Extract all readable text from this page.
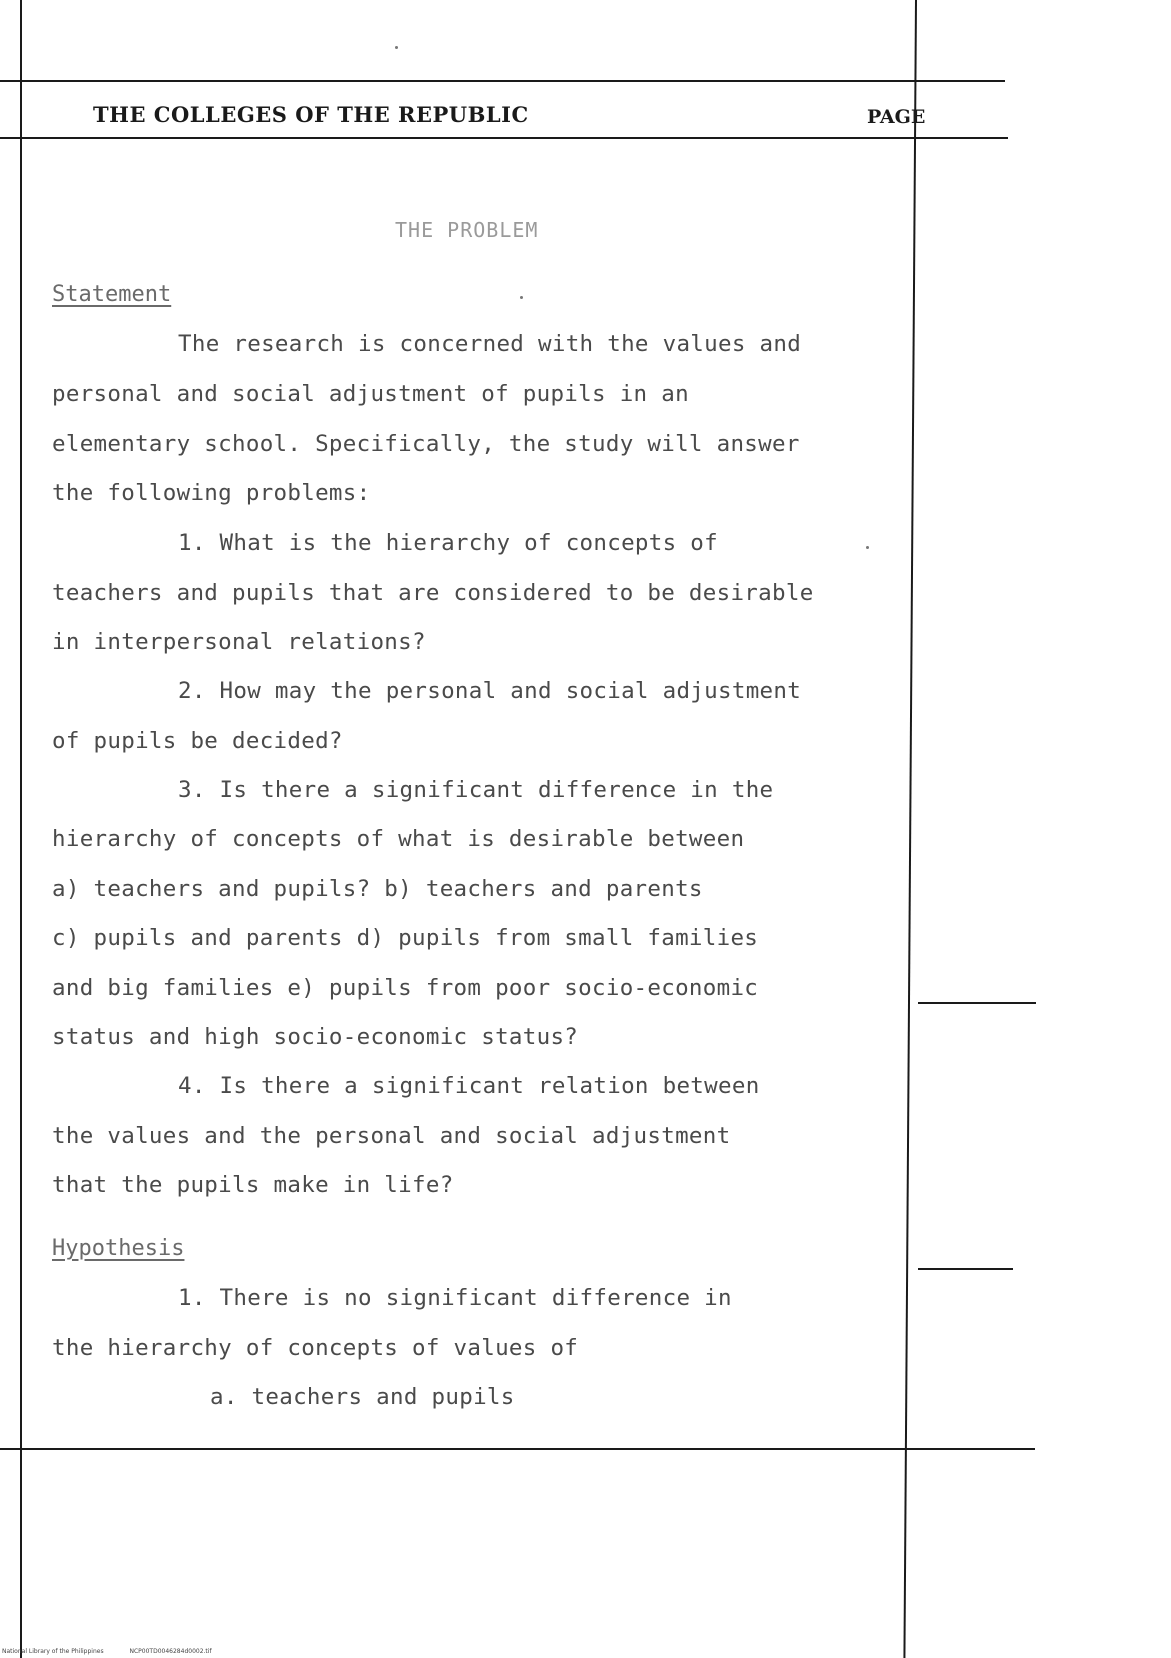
THE COLLEGES OF THE REPUBLIC	PAGE
THE PROBLEM
Statement
The research is concerned with the values and
personal and social adjustment of pupils in an
elementary school. Specifically, the study will answer
the following problems:
1. What is the hierarchy of concepts of
teachers and pupils that are considered to be desirable
in interpersonal relations?
2. How may the personal and social adjustment
of pupils be decided?
3. Is there a significant difference in the
hierarchy of concepts of what is desirable between
a) teachers and pupils? b) teachers and parents
c) pupils and parents d) pupils from small families
and big families e) pupils from poor socio-economic
status and high socio-economic status?
4. Is there a significant relation between
the values and the personal and social adjustment
that the pupils make in life?
Hypothesis
1. There is no significant difference in
the hierarchy of concepts of values of
a. teachers and pupils
National Library of the Philippines	NCP00TD0046284d0002.tif
